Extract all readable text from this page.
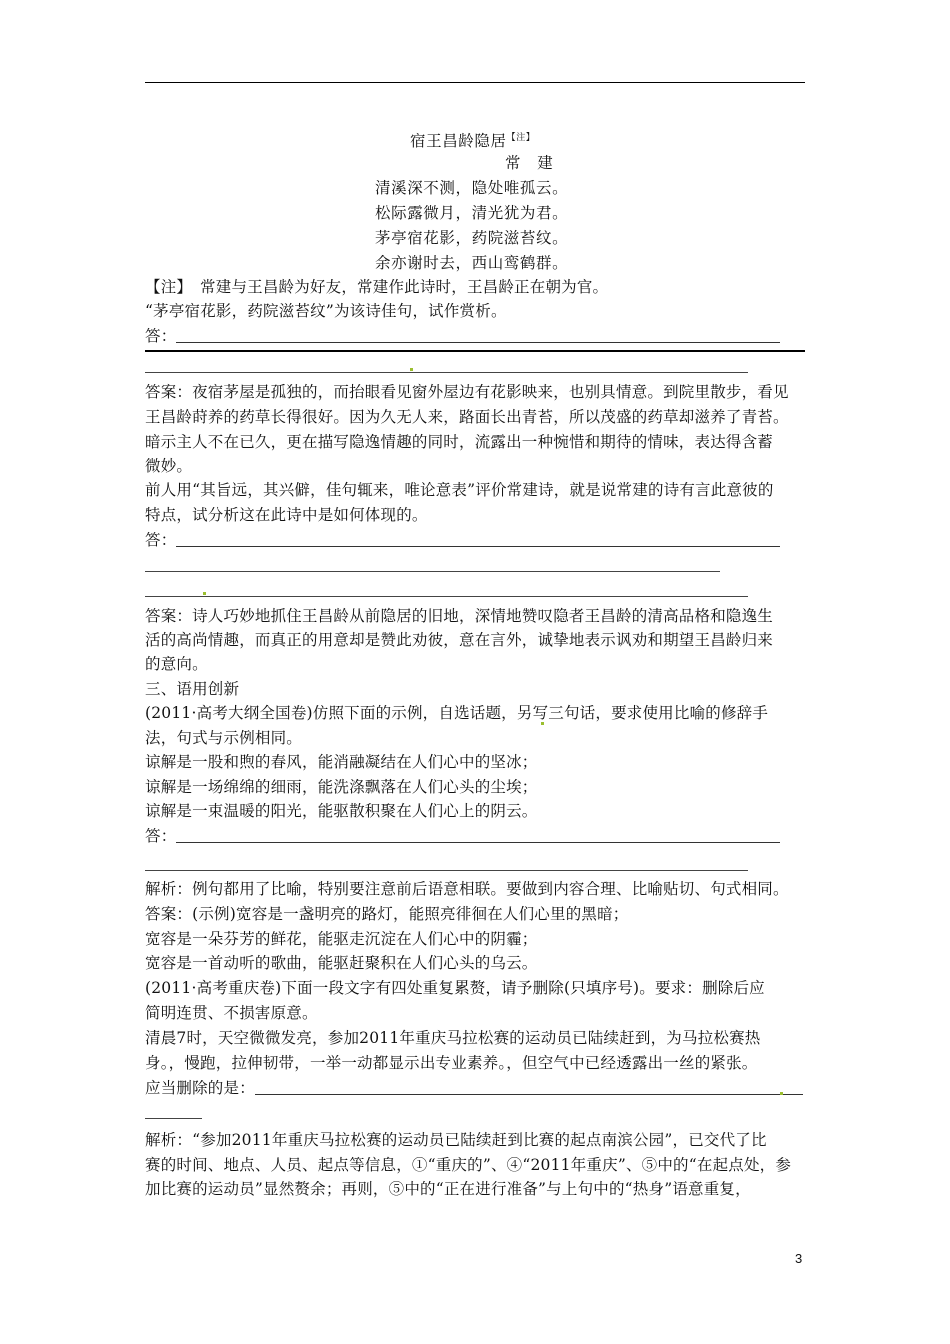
宿王昌龄隐居$^{【注】}$
常　建
清溪深不测，隐处唯孤云。
松际露微月，清光犹为君。
茅亭宿花影，药院滋苔纹。
余亦谢时去，西山鸾鹤群。
【注】　常建与王昌龄为好友，常建作此诗时，王昌龄正在朝为官。
“茅亭宿花影，药院滋苔纹”为该诗佳句，试作赏析。
答：
答案：夜宿茅屋是孤独的，而抬眼看见窗外屋边有花影映来，也别具情意。到院里散步，看见
王昌龄莳养的药草长得很好。因为久无人来，路面长出青苔，所以茂盛的药草却滋养了青苔。
暗示主人不在已久，更在描写隐逸情趣的同时，流露出一种惋惜和期待的情味，表达得含蓄
微妙。
前人用“其旨远，其兴僻，佳句辄来，唯论意表”评价常建诗，就是说常建的诗有言此意彼的
特点，试分析这在此诗中是如何体现的。
答：
答案：诗人巧妙地抓住王昌龄从前隐居的旧地，深情地赞叹隐者王昌龄的清高品格和隐逸生
活的高尚情趣，而真正的用意却是赞此劝彼，意在言外，诚挚地表示讽劝和期望王昌龄归来
的意向。
三、语用创新
(2011·高考大纲全国卷)仿照下面的示例，自选话题，另写三句话，要求使用比喻的修辞手
法，句式与示例相同。
谅解是一股和煦的春风，能消融凝结在人们心中的坚冰；
谅解是一场绵绵的细雨，能洗涤飘落在人们心头的尘埃；
谅解是一束温暖的阳光，能驱散积聚在人们心上的阴云。
答：
解析：例句都用了比喻，特别要注意前后语意相联。要做到内容合理、比喻贴切、句式相同。
答案：(示例)宽容是一盏明亮的路灯，能照亮徘徊在人们心里的黑暗；
宽容是一朵芬芳的鲜花，能驱走沉淀在人们心中的阴霾；
宽容是一首动听的歌曲，能驱赶聚积在人们心头的乌云。
(2011·高考重庆卷)下面一段文字有四处重复累赘，请予删除(只填序号)。要求：删除后应
简明连贯、不损害原意。
清晨7时，天空微微发亮，参加2011年重庆马拉松赛的运动员已陆续赶到，为马拉松赛热
身。，慢跑，拉伸韧带，一举一动都显示出专业素养。，但空气中已经透露出一丝的紧张。
应当删除的是：
解析：“参加2011年重庆马拉松赛的运动员已陆续赶到比赛的起点南滨公园”，已交代了比
赛的时间、地点、人员、起点等信息，①“重庆的”、④“2011年重庆”、⑤中的“在起点处，参
加比赛的运动员”显然赘余；再则，⑤中的“正在进行准备”与上句中的“热身”语意重复，
3
